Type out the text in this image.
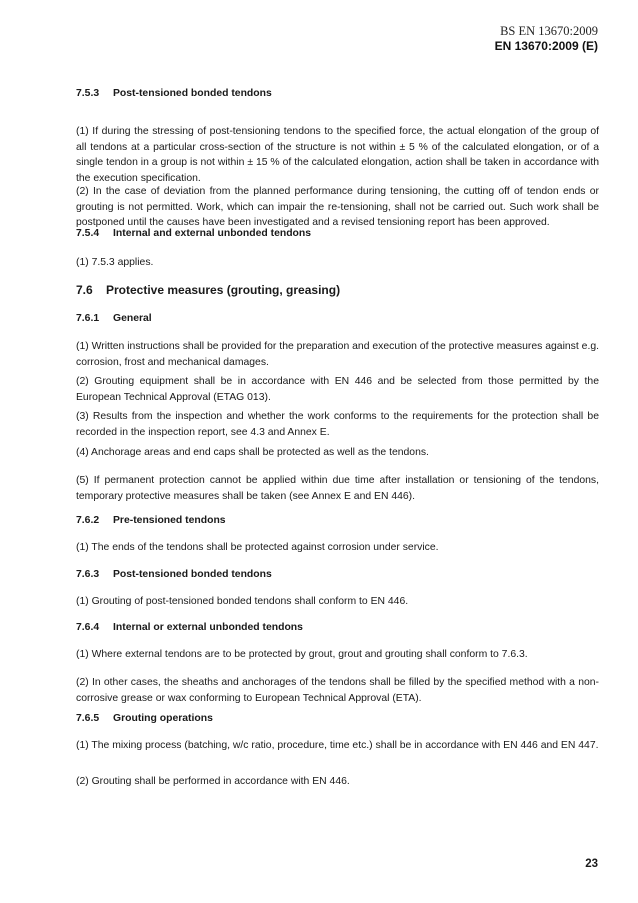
BS EN 13670:2009
EN 13670:2009 (E)
7.5.3 Post-tensioned bonded tendons

(1) If during the stressing of post-tensioning tendons to the specified force, the actual elongation of the group of all tendons at a particular cross-section of the structure is not within ± 5 % of the calculated elongation, or of a single tendon in a group is not within ± 15 % of the calculated elongation, action shall be taken in accordance with the execution specification.

(2) In the case of deviation from the planned performance during tensioning, the cutting off of tendon ends or grouting is not permitted. Work, which can impair the re-tensioning, shall not be carried out. Such work shall be postponed until the causes have been investigated and a revised tensioning report has been approved.

7.5.4 Internal and external unbonded tendons

(1) 7.5.3 applies.

7.6 Protective measures (grouting, greasing)
7.6.1 General

(1) Written instructions shall be provided for the preparation and execution of the protective measures against e.g. corrosion, frost and mechanical damages.

(2) Grouting equipment shall be in accordance with EN 446 and be selected from those permitted by the European Technical Approval (ETAG 013).

(3) Results from the inspection and whether the work conforms to the requirements for the protection shall be recorded in the inspection report, see 4.3 and Annex E.

(4) Anchorage areas and end caps shall be protected as well as the tendons.

(5) If permanent protection cannot be applied within due time after installation or tensioning of the tendons, temporary protective measures shall be taken (see Annex E and EN 446).

7.6.2 Pre-tensioned tendons

(1) The ends of the tendons shall be protected against corrosion under service.

7.6.3 Post-tensioned bonded tendons

(1) Grouting of post-tensioned bonded tendons shall conform to EN 446.

7.6.4 Internal or external unbonded tendons

(1) Where external tendons are to be protected by grout, grout and grouting shall conform to 7.6.3.

(2) In other cases, the sheaths and anchorages of the tendons shall be filled by the specified method with a non-corrosive grease or wax conforming to European Technical Approval (ETA).

7.6.5 Grouting operations

(1) The mixing process (batching, w/c ratio, procedure, time etc.) shall be in accordance with EN 446 and EN 447.

(2) Grouting shall be performed in accordance with EN 446.

23
